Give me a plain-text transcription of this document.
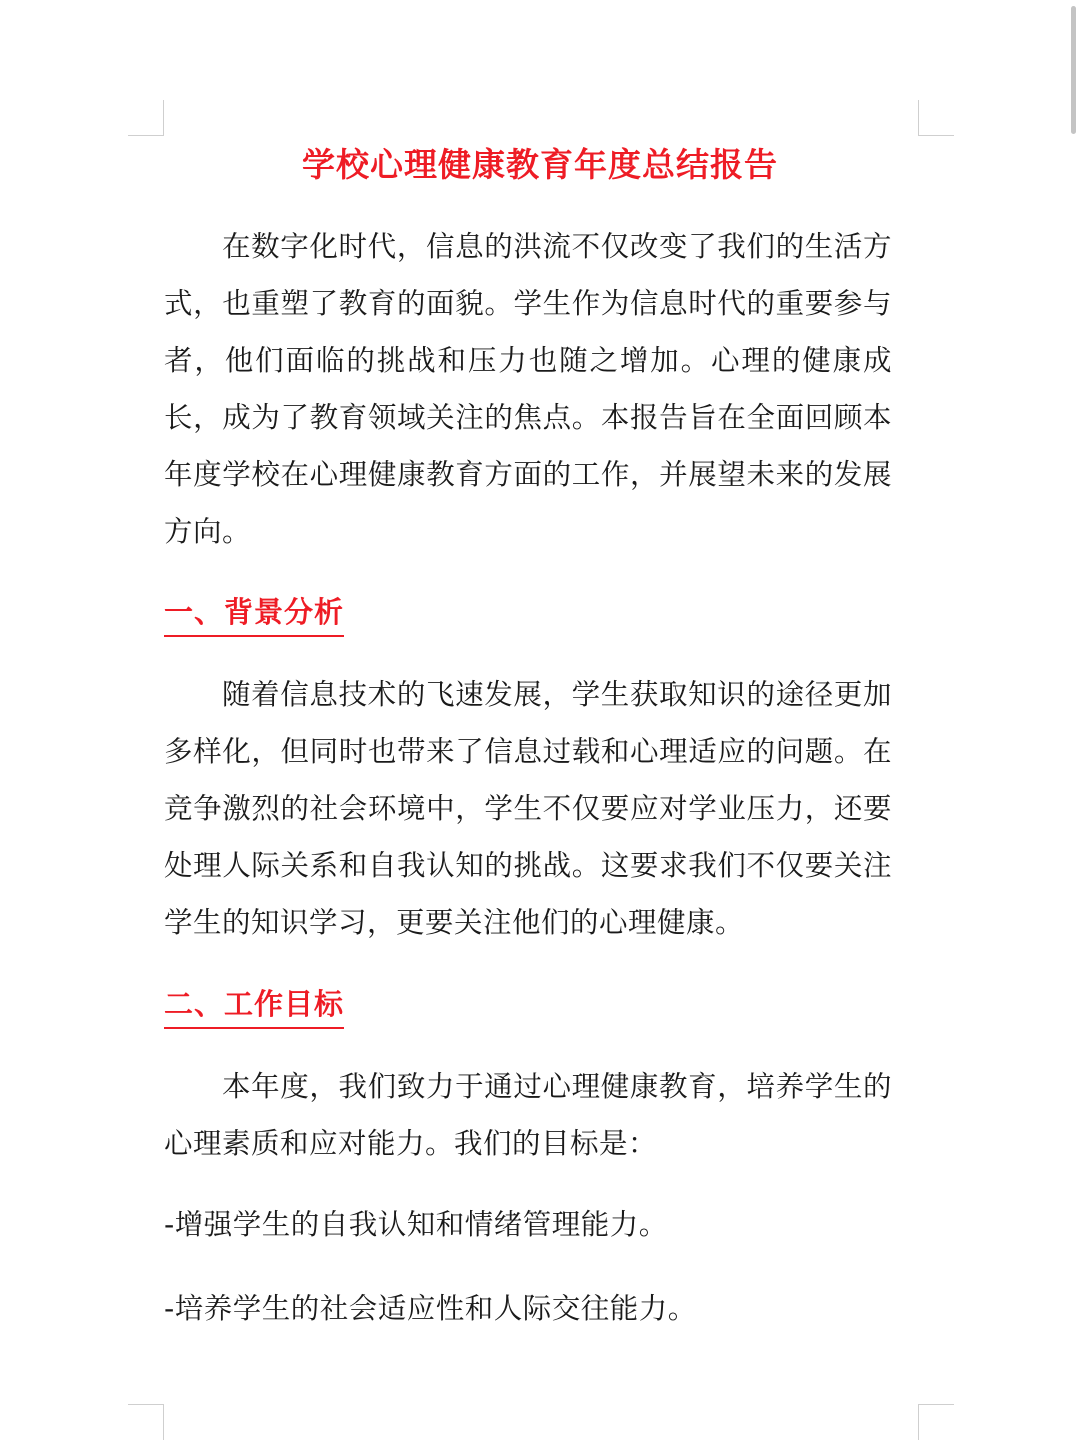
学校心理健康教育年度总结报告

在数字化时代，信息的洪流不仅改变了我们的生活方式，也重塑了教育的面貌。学生作为信息时代的重要参与者，他们面临的挑战和压力也随之增加。心理的健康成长，成为了教育领域关注的焦点。本报告旨在全面回顾本年度学校在心理健康教育方面的工作，并展望未来的发展方向。

一、背景分析

随着信息技术的飞速发展，学生获取知识的途径更加多样化，但同时也带来了信息过载和心理适应的问题。在竞争激烈的社会环境中，学生不仅要应对学业压力，还要处理人际关系和自我认知的挑战。这要求我们不仅要关注学生的知识学习，更要关注他们的心理健康。

二、工作目标

本年度，我们致力于通过心理健康教育，培养学生的心理素质和应对能力。我们的目标是：

-增强学生的自我认知和情绪管理能力。
-培养学生的社会适应性和人际交往能力。
